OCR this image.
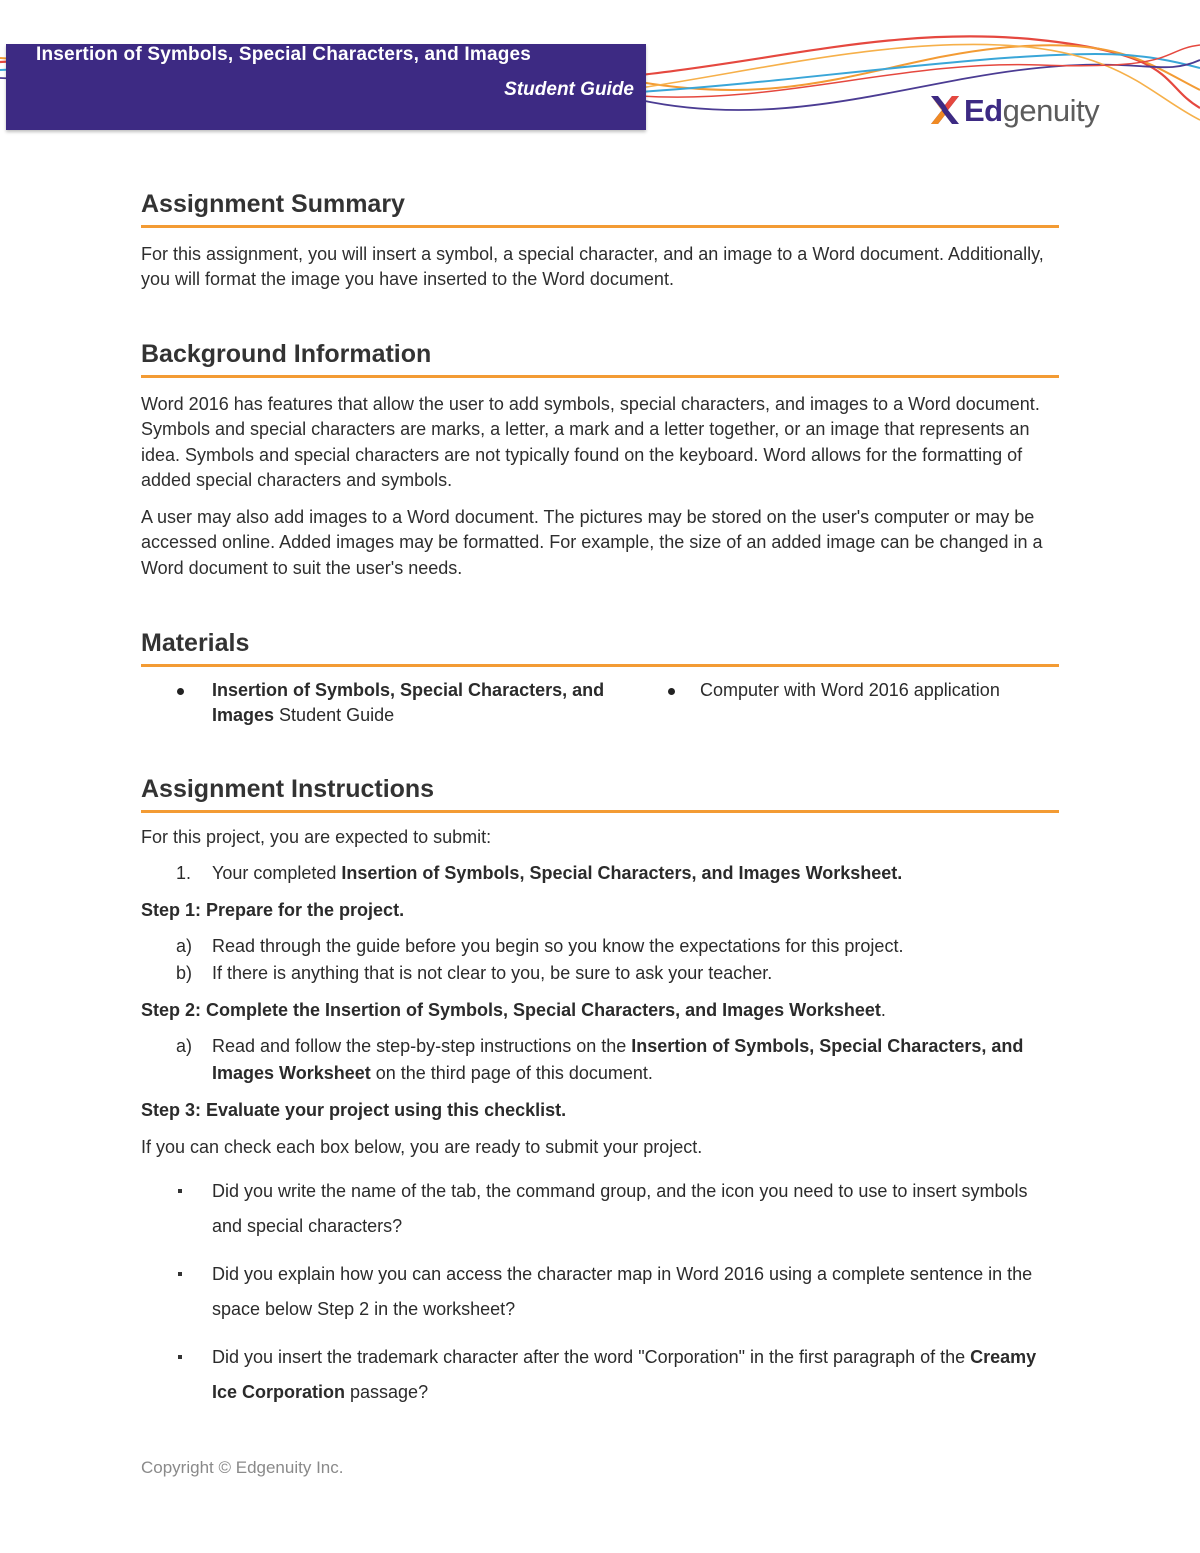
Insertion of Symbols, Special Characters, and Images
Student Guide
Edgenuity
Assignment Summary

For this assignment, you will insert a symbol, a special character, and an image to a Word document. Additionally, you will format the image you have inserted to the Word document.

Background Information

Word 2016 has features that allow the user to add symbols, special characters, and images to a Word document. Symbols and special characters are marks, a letter, a mark and a letter together, or an image that represents an idea. Symbols and special characters are not typically found on the keyboard. Word allows for the formatting of added special characters and symbols.

A user may also add images to a Word document. The pictures may be stored on the user's computer or may be accessed online. Added images may be formatted. For example, the size of an added image can be changed in a Word document to suit the user's needs.

Materials
Insertion of Symbols, Special Characters, and Images Student Guide
Computer with Word 2016 application
Assignment Instructions

For this project, you are expected to submit:

1. Your completed Insertion of Symbols, Special Characters, and Images Worksheet.
Step 1: Prepare for the project.
a) Read through the guide before you begin so you know the expectations for this project.
b) If there is anything that is not clear to you, be sure to ask your teacher.
Step 2: Complete the Insertion of Symbols, Special Characters, and Images Worksheet.
a) Read and follow the step-by-step instructions on the Insertion of Symbols, Special Characters, and Images Worksheet on the third page of this document.
Step 3: Evaluate your project using this checklist.

If you can check each box below, you are ready to submit your project.

Did you write the name of the tab, the command group, and the icon you need to use to insert symbols and special characters?
Did you explain how you can access the character map in Word 2016 using a complete sentence in the space below Step 2 in the worksheet?
Did you insert the trademark character after the word "Corporation" in the first paragraph of the Creamy Ice Corporation passage?
Copyright © Edgenuity Inc.
